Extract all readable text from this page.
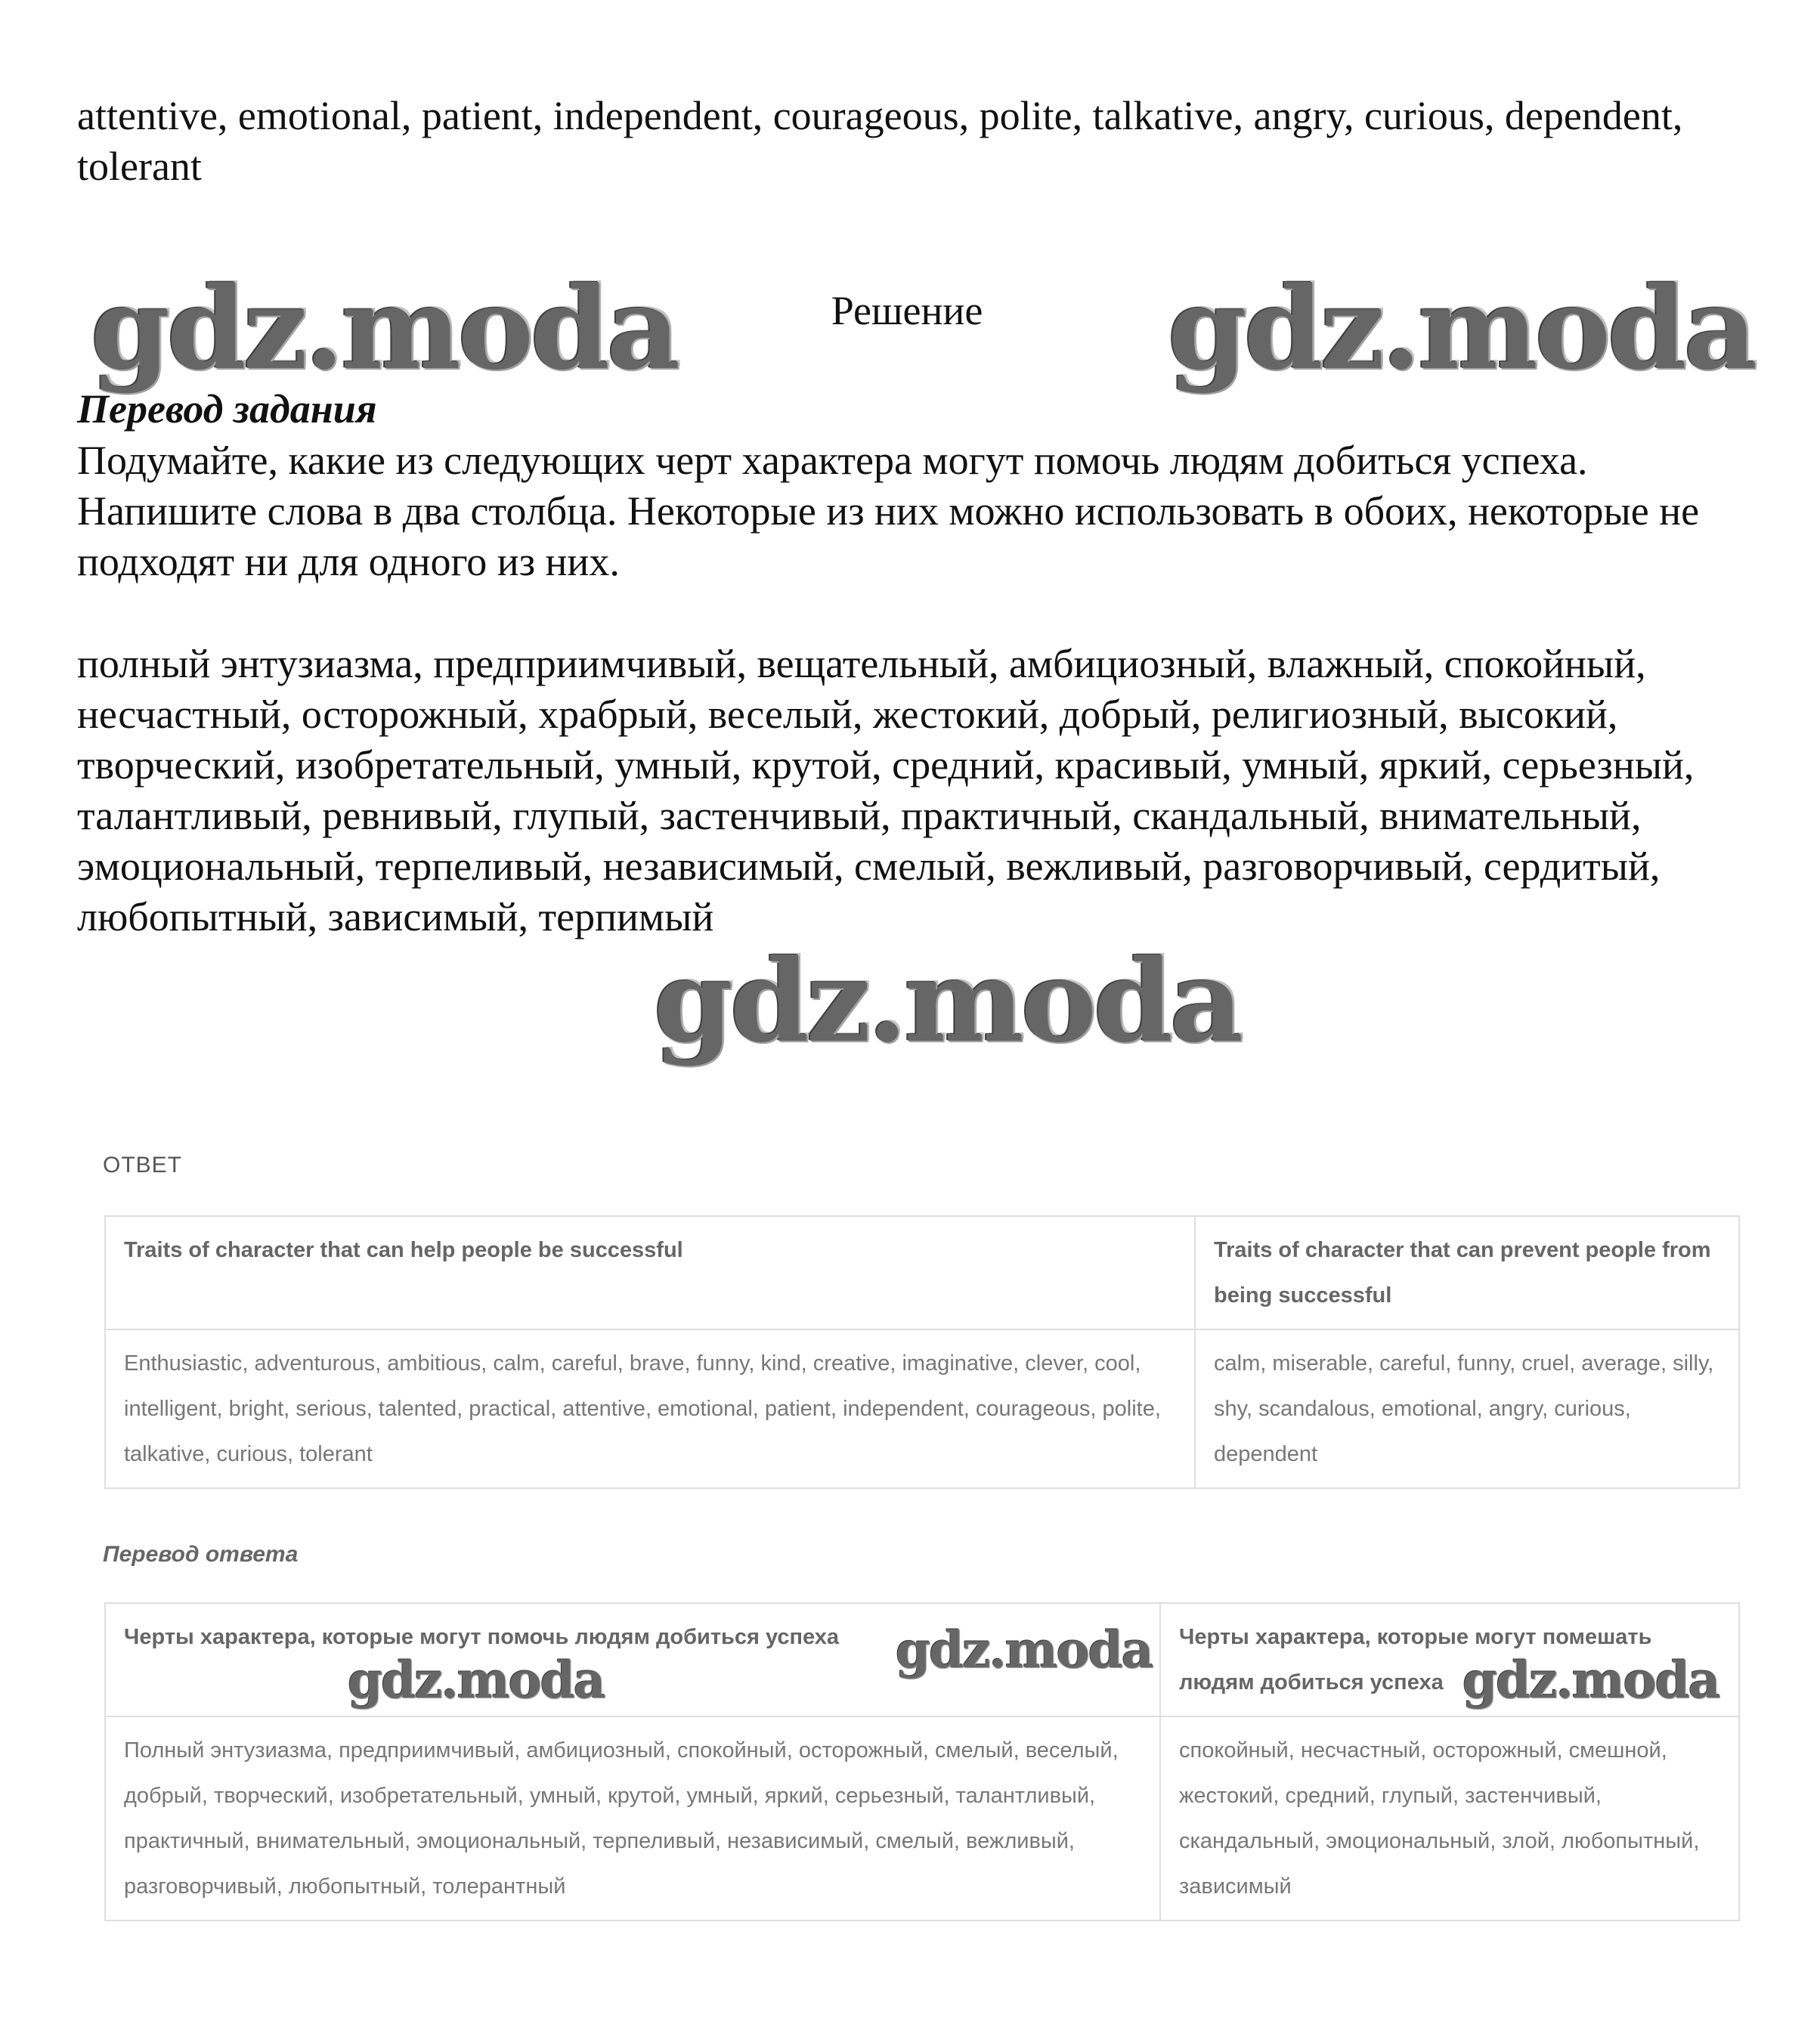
attentive, emotional, patient, independent, courageous, polite, talkative, angry, curious, dependent, tolerant

gdz.moda	Решение	gdz.moda

Перевод задания

Подумайте, какие из следующих черт характера могут помочь людям добиться успеха. Напишите слова в два столбца. Некоторые из них можно использовать в обоих, некоторые не подходят ни для одного из них.

полный энтузиазма, предприимчивый, вещательный, амбициозный, влажный, спокойный, несчастный, осторожный, храбрый, веселый, жестокий, добрый, религиозный, высокий, творческий, изобретательный, умный, крутой, средний, красивый, умный, яркий, серьезный, талантливый, ревнивый, глупый, застенчивый, практичный, скандальный, внимательный, эмоциональный, терпеливый, независимый, смелый, вежливый, разговорчивый, сердитый, любопытный, зависимый, терпимый

gdz.moda

ОТВЕТ

Traits of character that can help people be successful	Traits of character that can prevent people from being successful
Enthusiastic, adventurous, ambitious, calm, careful, brave, funny, kind, creative, imaginative, clever, cool, intelligent, bright, serious, talented, practical, attentive, emotional, patient, independent, courageous, polite, talkative, curious, tolerant	calm, miserable, careful, funny, cruel, average, silly, shy, scandalous, emotional, angry, curious, dependent

Перевод ответа

Черты характера, которые могут помочь людям добиться успеха	Черты характера, которые могут помешать людям добиться успеха
Полный энтузиазма, предприимчивый, амбициозный, спокойный, осторожный, смелый, веселый, добрый, творческий, изобретательный, умный, крутой, умный, яркий, серьезный, талантливый, практичный, внимательный, эмоциональный, терпеливый, независимый, смелый, вежливый, разговорчивый, любопытный, толерантный	спокойный, несчастный, осторожный, смешной, жестокий, средний, глупый, застенчивый, скандальный, эмоциональный, злой, любопытный, зависимый
gdz.moda
gdz.moda	gdz.moda
